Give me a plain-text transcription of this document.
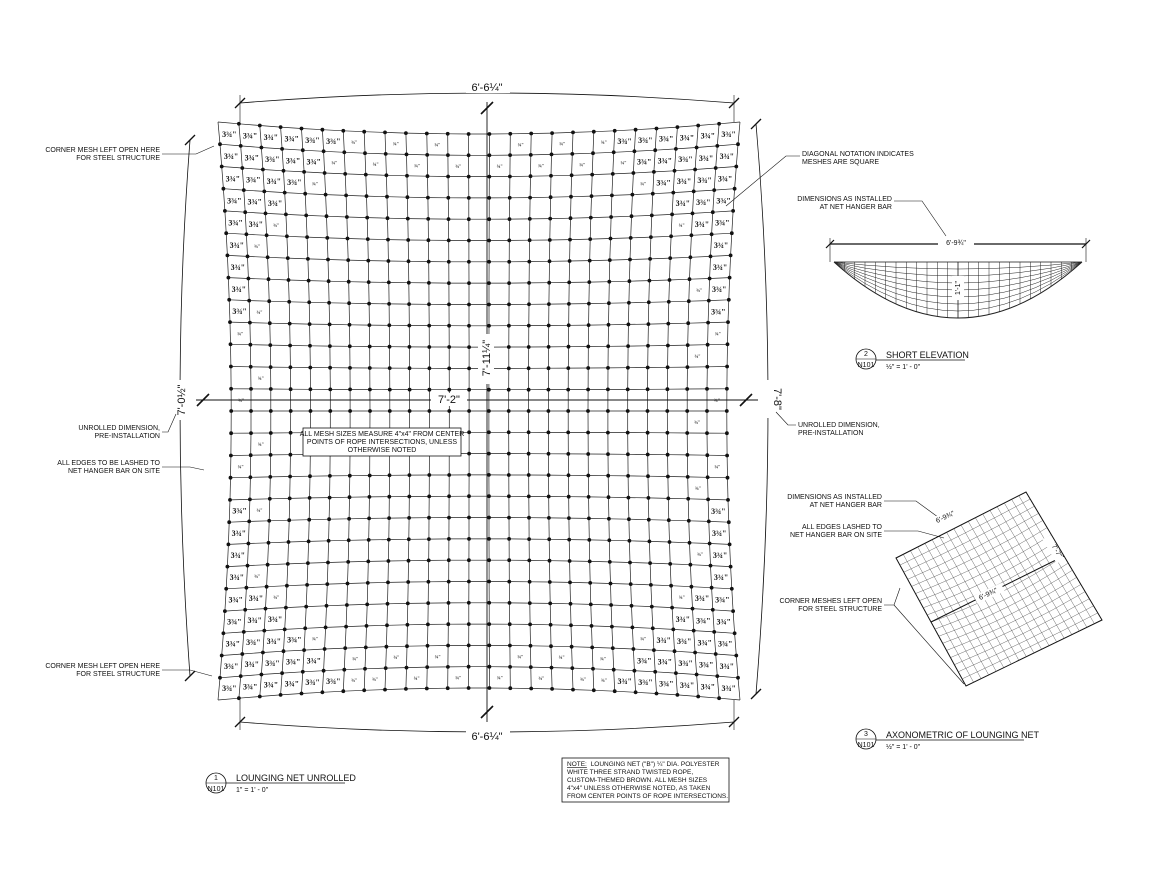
3¾" 3¾" 3¾" 3¾" 3¾" 3¾" ¾"	¾"	¾"	¾"	¾"	¾" 3¾" 3¾" 3¾" 3¾" 3¾" 3¾"
3¾" 3¾" 3¾" 3¾" 3¾" ¾"	¾"	¾"	¾"	¾"	¾"	¾"	¾" 3¾" 3¾" 3¾" 3¾" 3¾"
3¾" 3¾" 3¾" 3¾" ¾"	¾" 3¾" 3¾" 3¾" 3¾"
3¾" 3¾" 3¾"	3¾" 3¾" 3¾"
3¾" 3¾" ¾"	¾" 3¾" 3¾"
3¾" ¾"	3¾"
3¾"	3¾"
3¾"	¾" 3¾"
3¾" ¾"	3¾"
¾"	¾"
¾"
¾"
¾"	¾"
¾"
¾"
¾"	¾"
¾"
3¾" ¾"	3¾"
3¾"	3¾"
3¾"	¾" 3¾"
3¾" ¾"	3¾"
3¾" 3¾" ¾"	¾" 3¾" 3¾"
3¾" 3¾" 3¾"	3¾" 3¾" 3¾"
3¾" 3¾" 3¾" 3¾" ¾"	¾" 3¾" 3¾" 3¾" 3¾"
3¾" 3¾" 3¾" 3¾" 3¾"	¾"	¾"	¾"	¾"	¾"	¾"	3¾" 3¾" 3¾" 3¾" 3¾"
3¾" 3¾" 3¾" 3¾" 3¾" 3¾" ¾"	¾"	¾"	¾"	¾"	¾"	¾"	¾" 3¾" 3¾" 3¾" 3¾" 3¾" 3¾"
7'-2"
7'-11¼"
6'-6¼"
6'-6¼"
7'-0½"	7'-8"
ALL MESH SIZES MEASURE 4"x4" FROM CENTER
POINTS OF ROPE INTERSECTIONS, UNLESS
OTHERWISE NOTED
CORNER MESH LEFT OPEN HERE
FOR STEEL STRUCTURE
UNROLLED DIMENSION,
PRE-INSTALLATION
ALL EDGES TO BE LASHED TO
NET HANGER BAR ON SITE
CORNER MESH LEFT OPEN HERE
FOR STEEL STRUCTURE
UNROLLED DIMENSION,
PRE-INSTALLATION
DIAGONAL NOTATION INDICATES
MESHES ARE SQUARE
1
N101
LOUNGING NET UNROLLED
1" = 1' - 0"
NOTE: LOUNGING NET ("B") ¼" DIA. POLYESTER
WHITE THREE STRAND TWISTED ROPE,
CUSTOM-THEMED BROWN. ALL MESH SIZES
4"x4" UNLESS OTHERWISE NOTED, AS TAKEN
FROM CENTER POINTS OF ROPE INTERSECTIONS.
DIMENSIONS AS INSTALLED
AT NET HANGER BAR
6'-9¾"
1'-1"
2
N101
SHORT ELEVATION
½" = 1' - 0"
DIMENSIONS AS INSTALLED
AT NET HANGER BAR
ALL EDGES LASHED TO
NET HANGER BAR ON SITE
CORNER MESHES LEFT OPEN
FOR STEEL STRUCTURE
6'-9¾"
7'-7"
6'-9¾"
3
N101
AXONOMETRIC OF LOUNGING NET
½" = 1' - 0"
